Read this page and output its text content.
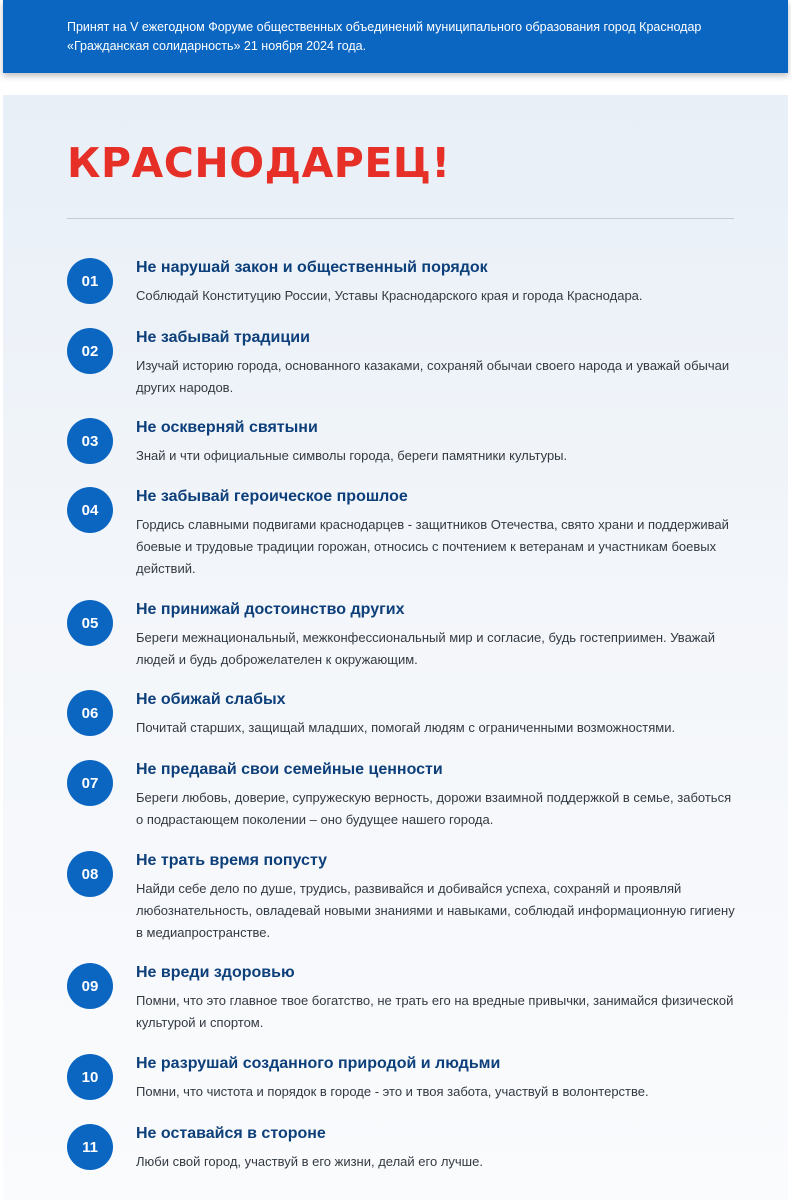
Принят на V ежегодном Форуме общественных объединений муниципального образования город Краснодар
«Гражданская солидарность» 21 ноября 2024 года.
КРАСНОДАРЕЦ!
01
Не нарушай закон и общественный порядок

Соблюдай Конституцию России, Уставы Краснодарского края и города Краснодара.

02
Не забывай традиции

Изучай историю города, основанного казаками, сохраняй обычаи своего народа и уважай обычаи других народов.

03
Не оскверняй святыни

Знай и чти официальные символы города, береги памятники культуры.

04
Не забывай героическое прошлое

Гордись славными подвигами краснодарцев - защитников Отечества, свято храни и поддерживай боевые и трудовые традиции горожан, относись с почтением к ветеранам и участникам боевых действий.

05
Не принижай достоинство других

Береги межнациональный, межконфессиональный мир и согласие, будь гостеприимен. Уважай людей и будь доброжелателен к окружающим.

06
Не обижай слабых

Почитай старших, защищай младших, помогай людям с ограниченными возможностями.

07
Не предавай свои семейные ценности

Береги любовь, доверие, супружескую верность, дорожи взаимной поддержкой в семье, заботься о подрастающем поколении – оно будущее нашего города.

08
Не трать время попусту

Найди себе дело по душе, трудись, развивайся и добивайся успеха, сохраняй и проявляй любознательность, овладевай новыми знаниями и навыками, соблюдай информационную гигиену в медиапространстве.

09
Не вреди здоровью

Помни, что это главное твое богатство, не трать его на вредные привычки, занимайся физической культурой и спортом.

10
Не разрушай созданного природой и людьми

Помни, что чистота и порядок в городе - это и твоя забота, участвуй в волонтерстве.

11
Не оставайся в стороне

Люби свой город, участвуй в его жизни, делай его лучше.
